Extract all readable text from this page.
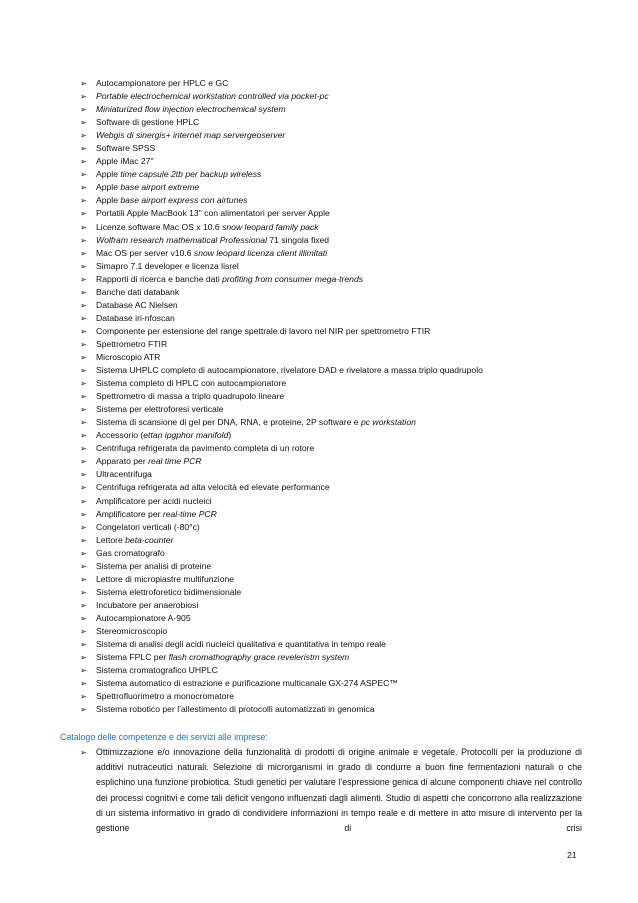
➢	Autocampionatore per HPLC e GC
➢	Portable electrochemical workstation controlled via pocket-pc
➢	Miniaturized flow injection electrochemical system
➢	Software di gestione HPLC
➢	Webgis di sinergis+ internet map servergeoserver
➢	Software SPSS
➢	Apple iMac 27"
➢	Apple time capsule 2tb per backup wireless
➢	Apple base airport extreme
➢	Apple base airport express con airtunes
➢	Portatili Apple MacBook 13" con alimentatori per server Apple
➢	Licenze software Mac OS x 10.6 snow leopard family pack
➢	Wolfram research mathematical Professional 71 singola fixed
➢	Mac OS per server v10.6 snow leopard licenza client illimitati
➢	Simapro 7.1 developer e licenza lisrel
➢	Rapporti di ricerca e banche dati profiting from consumer mega-trends
➢	Banche dati databank
➢	Database AC Nielsen
➢	Database iri-nfoscan
➢	Componente per estensione del range spettrale di lavoro nel NIR per spettrometro FTIR
➢	Spettrometro FTIR
➢	Microscopio ATR
➢	Sistema UHPLC completo di autocampionatore, rivelatore DAD e rivelatore a massa triplo quadrupolo
➢	Sistema completo di HPLC con autocampionatore
➢	Spettrometro di massa a triplo quadrupolo lineare
➢	Sistema per elettroforesi verticale
➢	Sistema di scansione di gel per DNA, RNA, e proteine, 2P software e pc workstation
➢	Accessorio (ettan ipgphor manifold)
➢	Centrifuga refrigerata da pavimento completa di un rotore
➢	Apparato per real time PCR
➢	Ultracentrifuga
➢	Centrifuga refrigerata ad alta velocità ed elevate performance
➢	Amplificatore per acidi nucleici
➢	Amplificatore per real-time PCR
➢	Congelatori verticali (-80°c)
➢	Lettore beta-counter
➢	Gas cromatografo
➢	Sistema per analisi di proteine
➢	Lettore di micropiastre multifunzione
➢	Sistema elettroforetico bidimensionale
➢	Incubatore per anaerobiosi
➢	Autocampionatore A-905
➢	Stereomicroscopio
➢	Sistema di analisi degli acidi nucleici qualitativa e quantitativa in tempo reale
➢	Sistema FPLC per flash cromathography grace reveleristm system
➢	Sistema cromatografico UHPLC
➢	Sistema automatico di estrazione e purificazione multicanale GX-274 ASPEC™
➢	Spettrofluorimetro a monocromatore
➢	Sistema robotico per l’allestimento di protocolli automatizzati in genomica
Catalogo delle competenze e dei servizi alle imprese:
➢	Ottimizzazione e/o innovazione della funzionalità di prodotti di origine animale e vegetale. Protocolli per la produzione di additivi nutraceutici naturali. Selezione di microrganismi in grado di condurre a buon fine fermentazioni naturali o che esplichino una funzione probiotica. Studi genetici per valutare l’espressione genica di alcune componenti chiave nel controllo dei processi cognitivi e come tali deficit vengono influenzati dagli alimenti. Studio di aspetti che concorrono alla realizzazione di un sistema informativo in grado di condividere informazioni in tempo reale e di mettere in atto misure di intervento per la gestione di crisi
21
